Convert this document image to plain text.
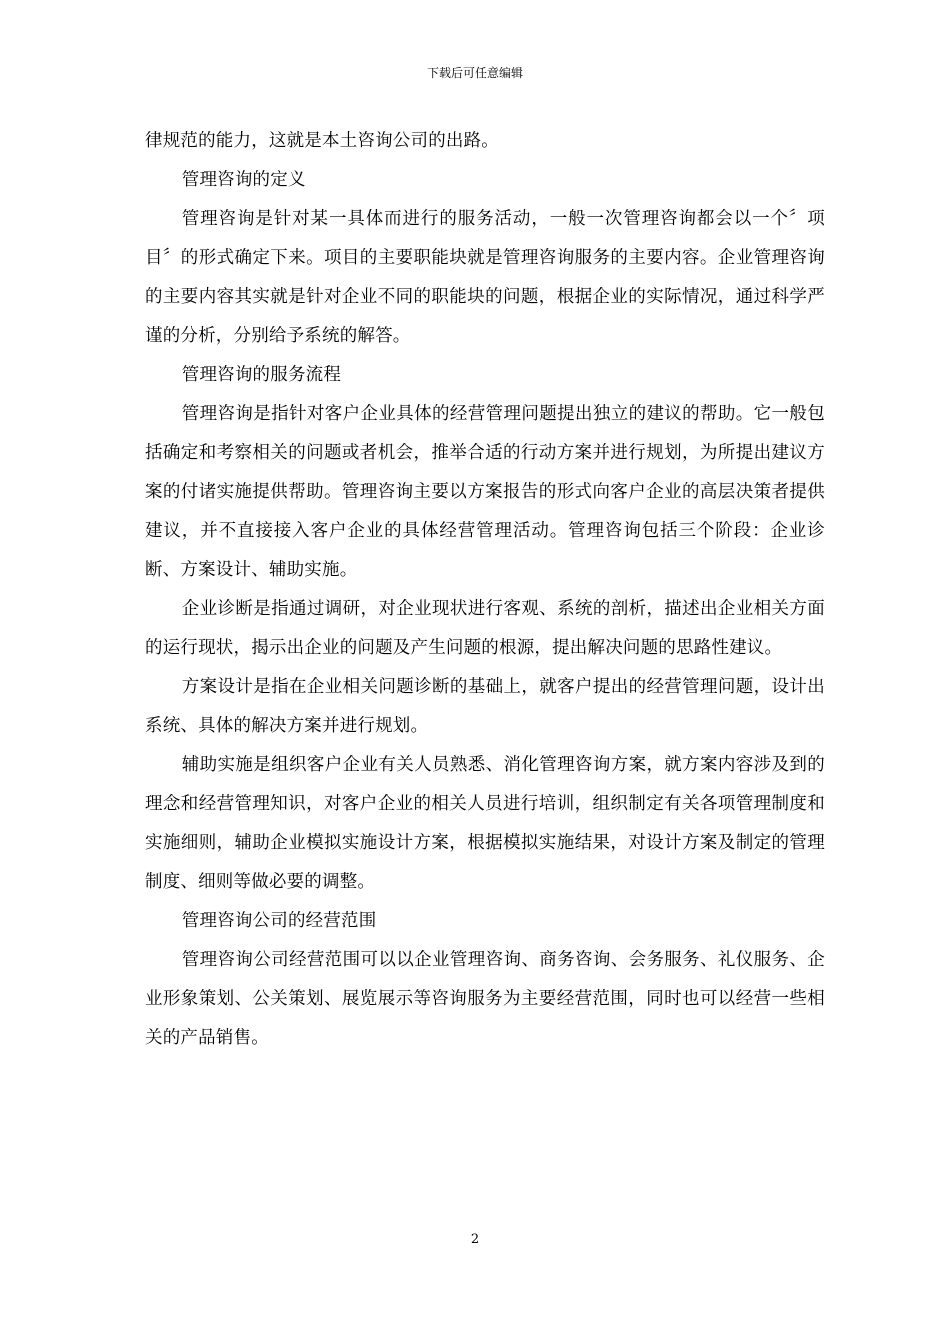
下载后可任意编辑

律规范的能力，这就是本土咨询公司的出路。

管理咨询的定义

管理咨询是针对某一具体而进行的服务活动，一般一次管理咨询都会以一个〞项目〞的形式确定下来。项目的主要职能块就是管理咨询服务的主要内容。企业管理咨询的主要内容其实就是针对企业不同的职能块的问题，根据企业的实际情况，通过科学严谨的分析，分别给予系统的解答。

管理咨询的服务流程

管理咨询是指针对客户企业具体的经营管理问题提出独立的建议的帮助。它一般包括确定和考察相关的问题或者机会，推举合适的行动方案并进行规划，为所提出建议方案的付诸实施提供帮助。管理咨询主要以方案报告的形式向客户企业的高层决策者提供建议，并不直接接入客户企业的具体经营管理活动。管理咨询包括三个阶段：企业诊断、方案设计、辅助实施。

企业诊断是指通过调研，对企业现状进行客观、系统的剖析，描述出企业相关方面的运行现状，揭示出企业的问题及产生问题的根源，提出解决问题的思路性建议。

方案设计是指在企业相关问题诊断的基础上，就客户提出的经营管理问题，设计出系统、具体的解决方案并进行规划。

辅助实施是组织客户企业有关人员熟悉、消化管理咨询方案，就方案内容涉及到的理念和经营管理知识，对客户企业的相关人员进行培训，组织制定有关各项管理制度和实施细则，辅助企业模拟实施设计方案，根据模拟实施结果，对设计方案及制定的管理制度、细则等做必要的调整。

管理咨询公司的经营范围

管理咨询公司经营范围可以以企业管理咨询、商务咨询、会务服务、礼仪服务、企业形象策划、公关策划、展览展示等咨询服务为主要经营范围，同时也可以经营一些相关的产品销售。

2
